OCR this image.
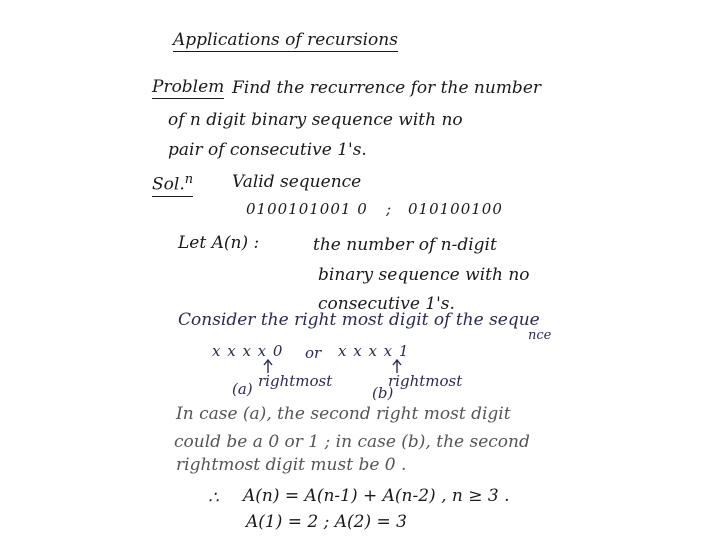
Applications of recursions
Problem Find the recurrence for the number
of n digit binary sequence with no
pair of consecutive 1's.
Sol.$^n$ Valid sequence
0100101001 0 ; 010100100
Let A(n) :	the number of n-digit
binary sequence with no
consecutive 1's.
Consider the right most digit of the seque
nce
x x x x 0 or x x x x 1
rightmost	rightmost
(a)	(b)
In case (a), the second right most digit
could be a 0 or 1 ; in case (b), the second
rightmost digit must be 0 .
∴ A(n) = A(n-1) + A(n-2) , n ≥ 3 .
A(1) = 2 ; A(2) = 3
